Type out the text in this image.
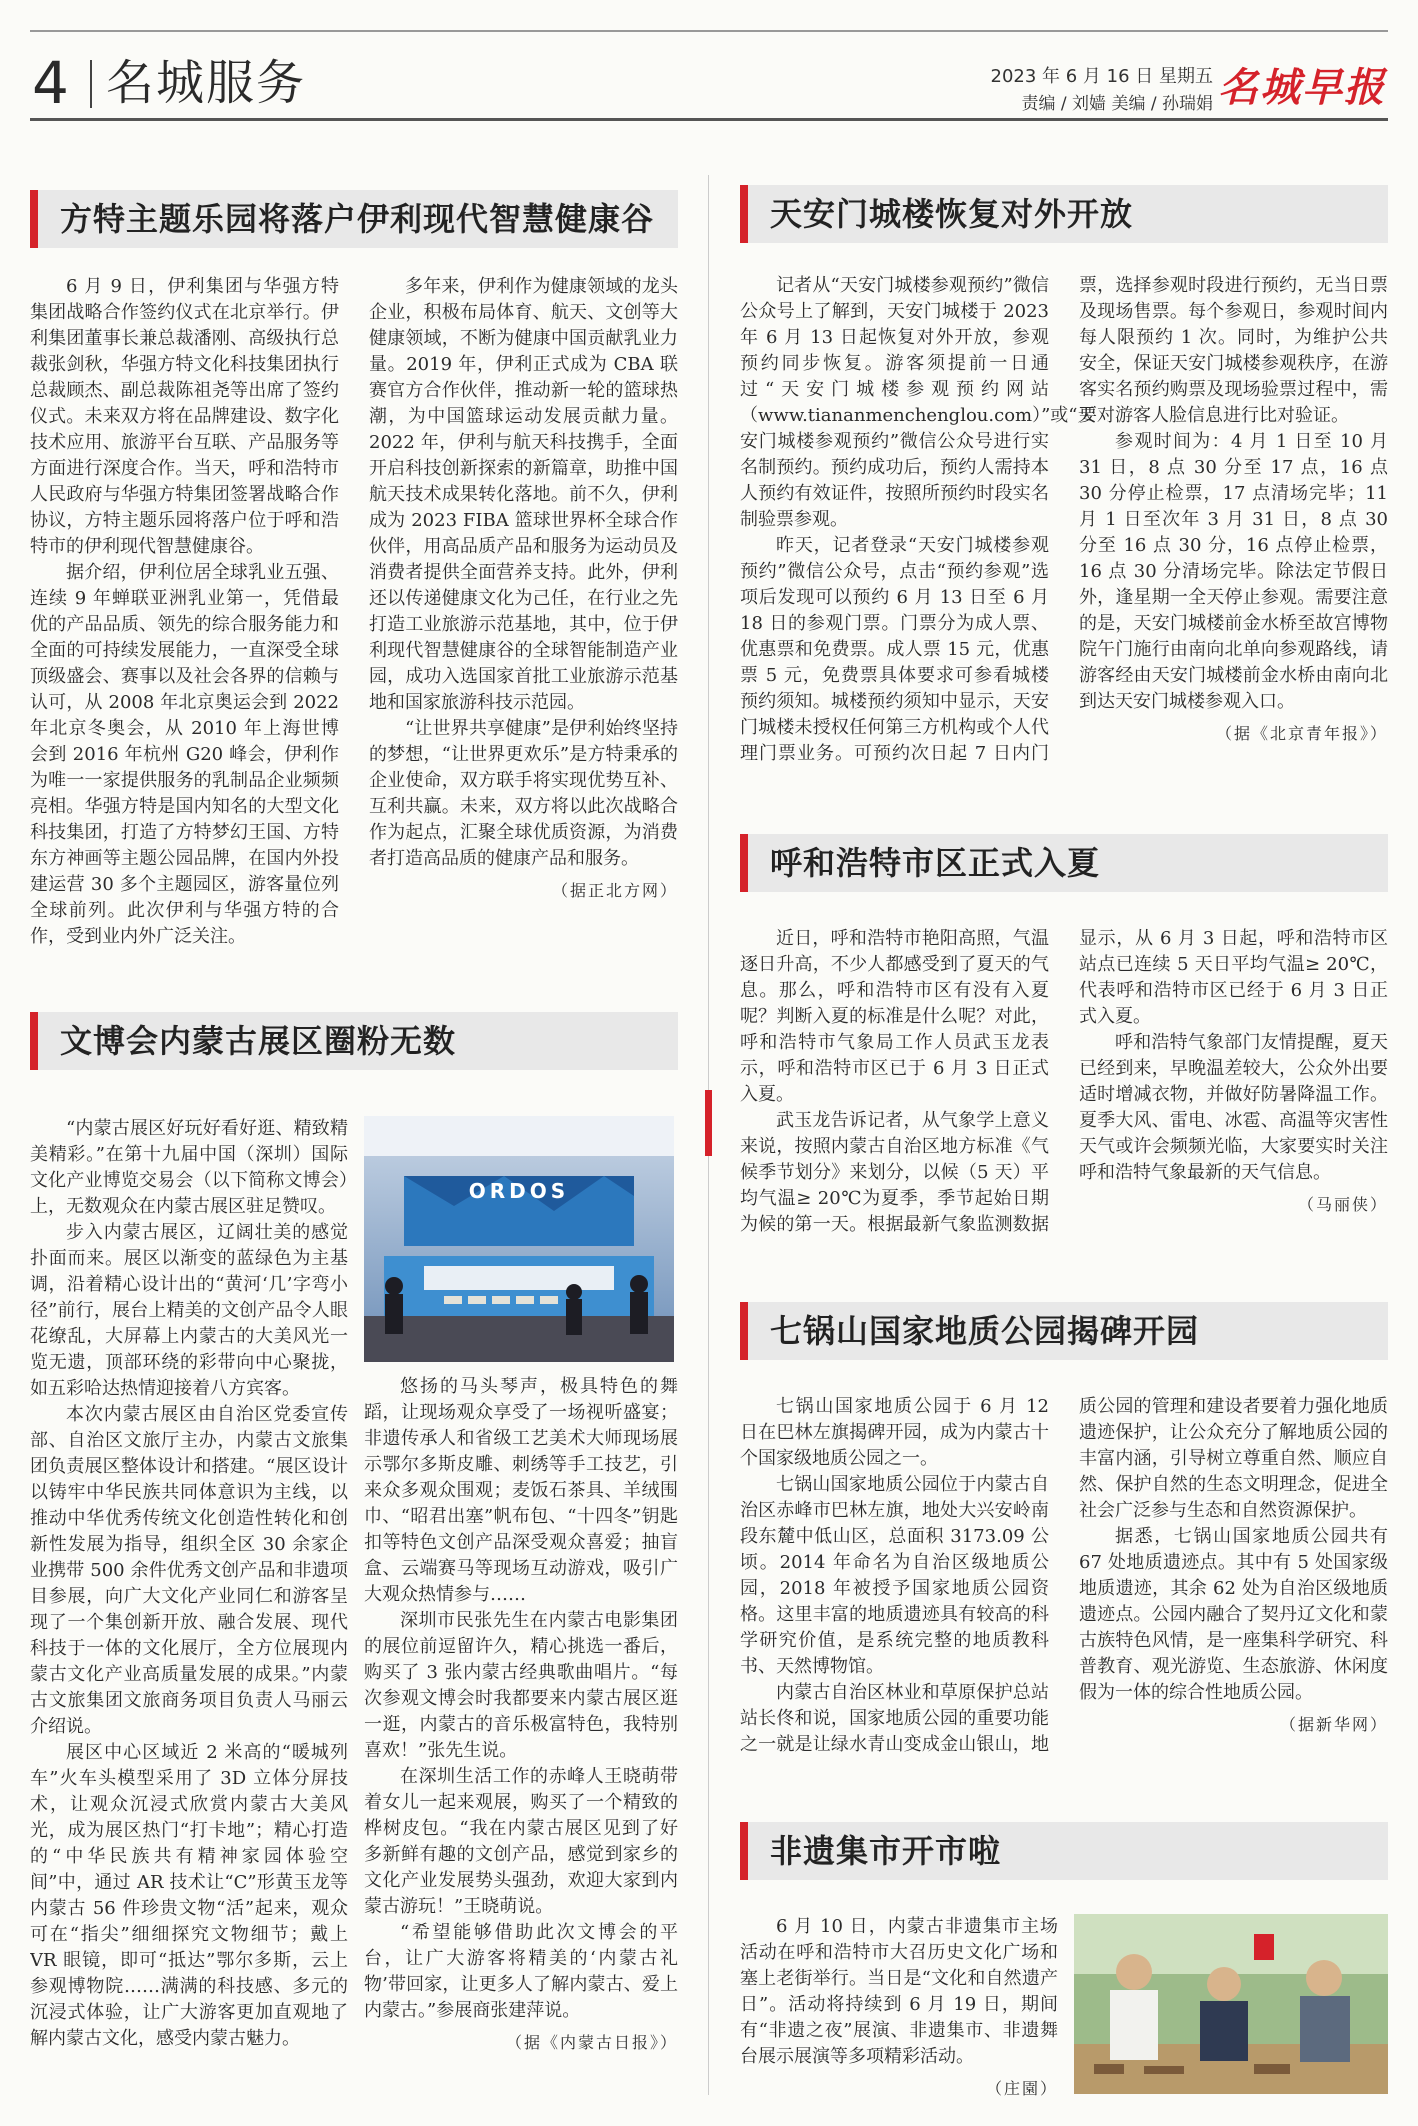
4 名城服务	2023 年 6 月 16 日 星期五
责编 / 刘嫱 美编 / 孙瑞娟 名城早报
方特主题乐园将落户伊利现代智慧健康谷

6 月 9 日，伊利集团与华强方特集团战略合作签约仪式在北京举行。伊利集团董事长兼总裁潘刚、高级执行总裁张剑秋，华强方特文化科技集团执行总裁顾杰、副总裁陈祖尧等出席了签约仪式。未来双方将在品牌建设、数字化技术应用、旅游平台互联、产品服务等方面进行深度合作。当天，呼和浩特市人民政府与华强方特集团签署战略合作协议，方特主题乐园将落户位于呼和浩特市的伊利现代智慧健康谷。

据介绍，伊利位居全球乳业五强、连续 9 年蝉联亚洲乳业第一，凭借最优的产品品质、领先的综合服务能力和全面的可持续发展能力，一直深受全球顶级盛会、赛事以及社会各界的信赖与认可，从 2008 年北京奥运会到 2022 年北京冬奥会，从 2010 年上海世博会到 2016 年杭州 G20 峰会，伊利作为唯一一家提供服务的乳制品企业频频亮相。华强方特是国内知名的大型文化科技集团，打造了方特梦幻王国、方特东方神画等主题公园品牌，在国内外投建运营 30 多个主题园区，游客量位列全球前列。此次伊利与华强方特的合作，受到业内外广泛关注。

多年来，伊利作为健康领域的龙头企业，积极布局体育、航天、文创等大健康领域，不断为健康中国贡献乳业力量。2019 年，伊利正式成为 CBA 联赛官方合作伙伴，推动新一轮的篮球热潮，为中国篮球运动发展贡献力量。2022 年，伊利与航天科技携手，全面开启科技创新探索的新篇章，助推中国航天技术成果转化落地。前不久，伊利成为 2023 FIBA 篮球世界杯全球合作伙伴，用高品质产品和服务为运动员及消费者提供全面营养支持。此外，伊利还以传递健康文化为己任，在行业之先打造工业旅游示范基地，其中，位于伊利现代智慧健康谷的全球智能制造产业园，成功入选国家首批工业旅游示范基地和国家旅游科技示范园。

“让世界共享健康”是伊利始终坚持的梦想，“让世界更欢乐”是方特秉承的企业使命，双方联手将实现优势互补、互利共赢。未来，双方将以此次战略合作为起点，汇聚全球优质资源，为消费者打造高品质的健康产品和服务。

（据正北方网）
文博会内蒙古展区圈粉无数
ORDOS

“内蒙古展区好玩好看好逛、精致精美精彩。”在第十九届中国（深圳）国际文化产业博览交易会（以下简称文博会）上，无数观众在内蒙古展区驻足赞叹。

步入内蒙古展区，辽阔壮美的感觉扑面而来。展区以渐变的蓝绿色为主基调，沿着精心设计出的“黄河‘几’字弯小径”前行，展台上精美的文创产品令人眼花缭乱，大屏幕上内蒙古的大美风光一览无遗，顶部环绕的彩带向中心聚拢，如五彩哈达热情迎接着八方宾客。

本次内蒙古展区由自治区党委宣传部、自治区文旅厅主办，内蒙古文旅集团负责展区整体设计和搭建。“展区设计以铸牢中华民族共同体意识为主线，以推动中华优秀传统文化创造性转化和创新性发展为指导，组织全区 30 余家企业携带 500 余件优秀文创产品和非遗项目参展，向广大文化产业同仁和游客呈现了一个集创新开放、融合发展、现代科技于一体的文化展厅，全方位展现内蒙古文化产业高质量发展的成果。”内蒙古文旅集团文旅商务项目负责人马丽云介绍说。

展区中心区域近 2 米高的“暖城列车”火车头模型采用了 3D 立体分屏技术，让观众沉浸式欣赏内蒙古大美风光，成为展区热门“打卡地”；精心打造的“中华民族共有精神家园体验空间”中，通过 AR 技术让“C”形黄玉龙等内蒙古 56 件珍贵文物“活”起来，观众可在“指尖”细细探究文物细节；戴上 VR 眼镜，即可“抵达”鄂尔多斯，云上参观博物院……满满的科技感、多元的沉浸式体验，让广大游客更加直观地了解内蒙古文化，感受内蒙古魅力。

悠扬的马头琴声，极具特色的舞蹈，让现场观众享受了一场视听盛宴；非遗传承人和省级工艺美术大师现场展示鄂尔多斯皮雕、刺绣等手工技艺，引来众多观众围观；麦饭石茶具、羊绒围巾、“昭君出塞”帆布包、“十四冬”钥匙扣等特色文创产品深受观众喜爱；抽盲盒、云端赛马等现场互动游戏，吸引广大观众热情参与……

深圳市民张先生在内蒙古电影集团的展位前逗留许久，精心挑选一番后，购买了 3 张内蒙古经典歌曲唱片。“每次参观文博会时我都要来内蒙古展区逛一逛，内蒙古的音乐极富特色，我特别喜欢！”张先生说。

在深圳生活工作的赤峰人王晓萌带着女儿一起来观展，购买了一个精致的桦树皮包。“我在内蒙古展区见到了好多新鲜有趣的文创产品，感觉到家乡的文化产业发展势头强劲，欢迎大家到内蒙古游玩！”王晓萌说。

“希望能够借助此次文博会的平台，让广大游客将精美的‘内蒙古礼物’带回家，让更多人了解内蒙古、爱上内蒙古。”参展商张建萍说。

（据《内蒙古日报》）
天安门城楼恢复对外开放

记者从“天安门城楼参观预约”微信公众号上了解到，天安门城楼于 2023 年 6 月 13 日起恢复对外开放，参观预约同步恢复。游客须提前一日通过“天安门城楼参观预约网站（www.tiananmenchenglou.com）”或“天安门城楼参观预约”微信公众号进行实名制预约。预约成功后，预约人需持本人预约有效证件，按照所预约时段实名制验票参观。

昨天，记者登录“天安门城楼参观预约”微信公众号，点击“预约参观”选项后发现可以预约 6 月 13 日至 6 月 18 日的参观门票。门票分为成人票、优惠票和免费票。成人票 15 元，优惠票 5 元，免费票具体要求可参看城楼预约须知。城楼预约须知中显示，天安门城楼未授权任何第三方机构或个人代理门票业务。可预约次日起 7 日内门票，选择参观时段进行预约，无当日票及现场售票。每个参观日，参观时间内每人限预约 1 次。同时，为维护公共安全，保证天安门城楼参观秩序，在游客实名预约购票及现场验票过程中，需要对游客人脸信息进行比对验证。

参观时间为：4 月 1 日至 10 月 31 日，8 点 30 分至 17 点，16 点 30 分停止检票，17 点清场完毕；11 月 1 日至次年 3 月 31 日，8 点 30 分至 16 点 30 分，16 点停止检票，16 点 30 分清场完毕。除法定节假日外，逢星期一全天停止参观。需要注意的是，天安门城楼前金水桥至故宫博物院午门施行由南向北单向参观路线，请游客经由天安门城楼前金水桥由南向北到达天安门城楼参观入口。

（据《北京青年报》）
呼和浩特市区正式入夏

近日，呼和浩特市艳阳高照，气温逐日升高，不少人都感受到了夏天的气息。那么，呼和浩特市区有没有入夏呢？判断入夏的标准是什么呢？对此，呼和浩特市气象局工作人员武玉龙表示，呼和浩特市区已于 6 月 3 日正式入夏。

武玉龙告诉记者，从气象学上意义来说，按照内蒙古自治区地方标准《气候季节划分》来划分，以候（5 天）平均气温≥ 20℃为夏季，季节起始日期为候的第一天。根据最新气象监测数据显示，从 6 月 3 日起，呼和浩特市区站点已连续 5 天日平均气温≥ 20℃，代表呼和浩特市区已经于 6 月 3 日正式入夏。

呼和浩特气象部门友情提醒，夏天已经到来，早晚温差较大，公众外出要适时增减衣物，并做好防暑降温工作。夏季大风、雷电、冰雹、高温等灾害性天气或许会频频光临，大家要实时关注呼和浩特气象最新的天气信息。

（马丽侠）
七锅山国家地质公园揭碑开园

七锅山国家地质公园于 6 月 12 日在巴林左旗揭碑开园，成为内蒙古十个国家级地质公园之一。

七锅山国家地质公园位于内蒙古自治区赤峰市巴林左旗，地处大兴安岭南段东麓中低山区，总面积 3173.09 公顷。2014 年命名为自治区级地质公园，2018 年被授予国家地质公园资格。这里丰富的地质遗迹具有较高的科学研究价值，是系统完整的地质教科书、天然博物馆。

内蒙古自治区林业和草原保护总站站长佟和说，国家地质公园的重要功能之一就是让绿水青山变成金山银山，地质公园的管理和建设者要着力强化地质遗迹保护，让公众充分了解地质公园的丰富内涵，引导树立尊重自然、顺应自然、保护自然的生态文明理念，促进全社会广泛参与生态和自然资源保护。

据悉，七锅山国家地质公园共有 67 处地质遗迹点。其中有 5 处国家级地质遗迹，其余 62 处为自治区级地质遗迹点。公园内融合了契丹辽文化和蒙古族特色风情，是一座集科学研究、科普教育、观光游览、生态旅游、休闲度假为一体的综合性地质公园。

（据新华网）
非遗集市开市啦

6 月 10 日，内蒙古非遗集市主场活动在呼和浩特市大召历史文化广场和塞上老街举行。当日是“文化和自然遗产日”。活动将持续到 6 月 19 日，期间有“非遗之夜”展演、非遗集市、非遗舞台展示展演等多项精彩活动。

（庄園）
